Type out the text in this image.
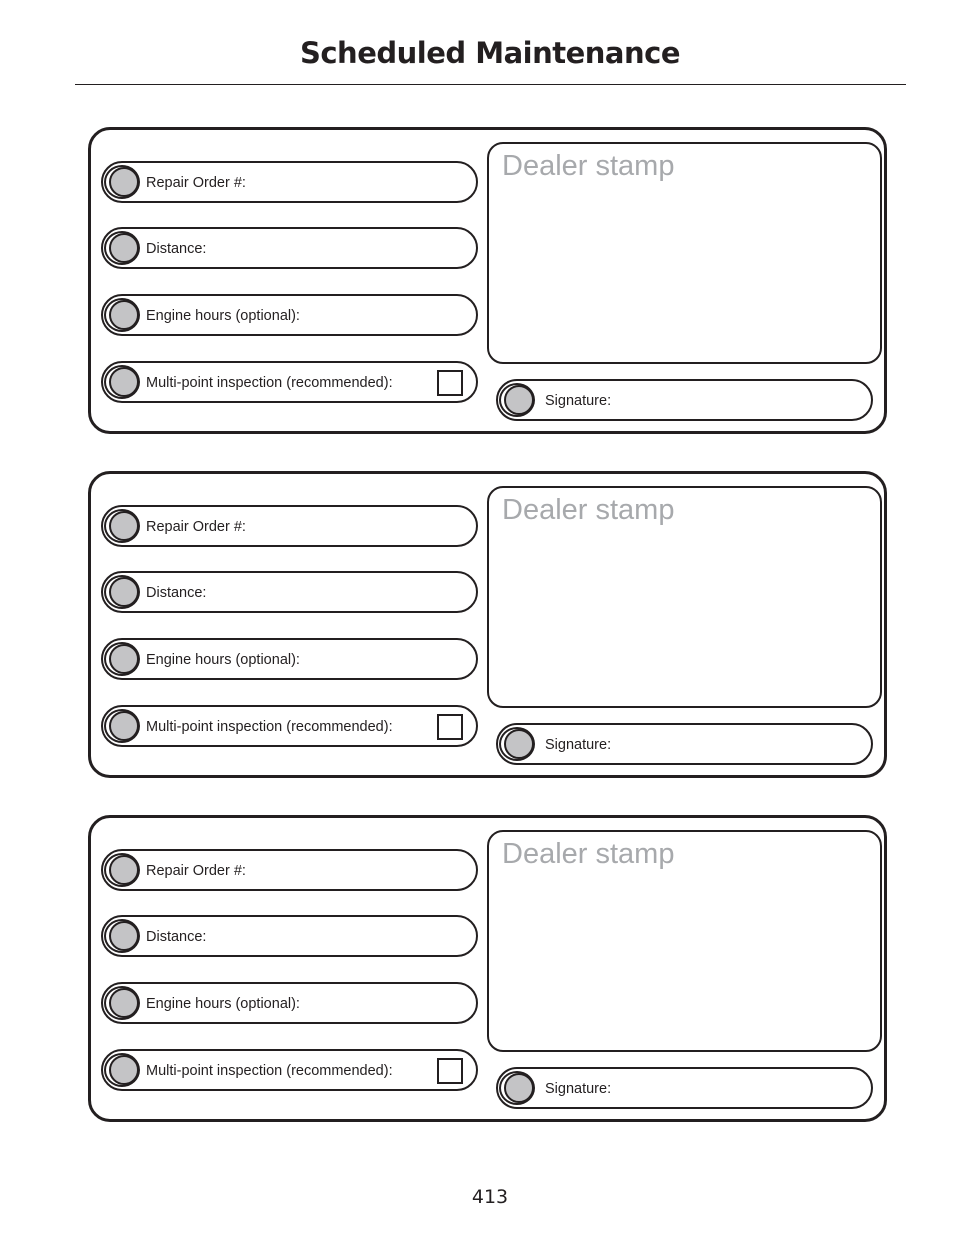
Scheduled Maintenance
Repair Order #:
Distance:
Engine hours (optional):
Multi-point inspection (recommended):
Dealer stamp
Signature:
Repair Order #:
Distance:
Engine hours (optional):
Multi-point inspection (recommended):
Dealer stamp
Signature:
Repair Order #:
Distance:
Engine hours (optional):
Multi-point inspection (recommended):
Dealer stamp
Signature:
413
